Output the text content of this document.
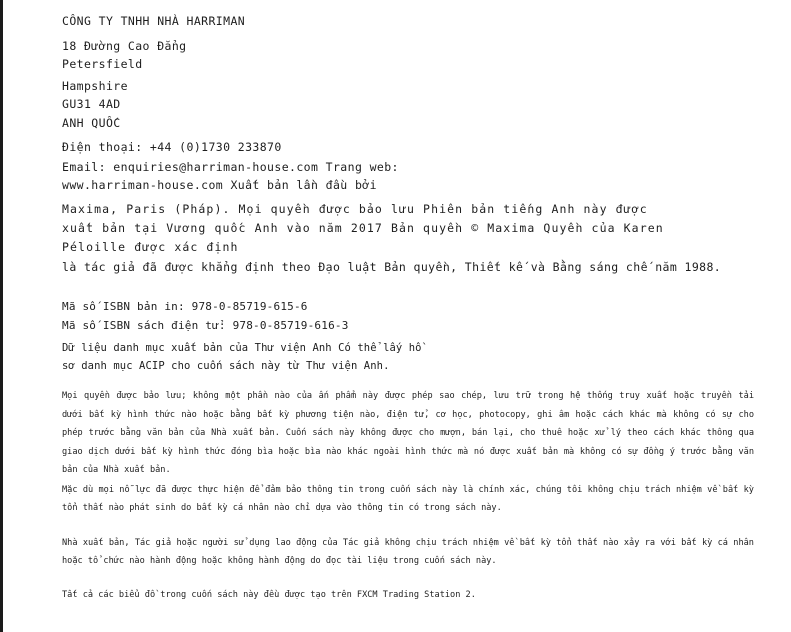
CÔNG TY TNHH NHÀ HARRIMAN
18 Đường Cao Đẳng
Petersfield
Hampshire
GU31 4AD
ANH QUỐC
Điện thoại: +44 (0)1730 233870
Email: enquiries@harriman-house.com Trang web:
www.harriman-house.com Xuất bản lần đầu bởi
Maxima, Paris (Pháp). Mọi quyền được bảo lưu Phiên bản tiếng Anh này được
xuất bản tại Vương quốc Anh vào năm 2017 Bản quyền © Maxima Quyền của Karen
Péloille được xác định
là tác giả đã được khẳng định theo Đạo luật Bản quyền, Thiết kế và Bằng sáng chế năm 1988.
Mã số ISBN bản in: 978-0-85719-615-6
Mã số ISBN sách điện tử: 978-0-85719-616-3
Dữ liệu danh mục xuất bản của Thư viện Anh Có thể lấy hồ
sơ danh mục ACIP cho cuốn sách này từ Thư viện Anh.
Mọi quyền được bảo lưu; không một phần nào của ấn phẩm này được phép sao chép, lưu trữ trong hệ thống truy xuất hoặc truyền tải
dưới bất kỳ hình thức nào hoặc bằng bất kỳ phương tiện nào, điện tử, cơ học, photocopy, ghi âm hoặc cách khác mà không có sự cho
phép trước bằng văn bản của Nhà xuất bản. Cuốn sách này không được cho mượn, bán lại, cho thuê hoặc xử lý theo cách khác thông qua
giao dịch dưới bất kỳ hình thức đóng bìa hoặc bìa nào khác ngoài hình thức mà nó được xuất bản mà không có sự đồng ý trước bằng văn
bản của Nhà xuất bản.
Mặc dù mọi nỗ lực đã được thực hiện để đảm bảo thông tin trong cuốn sách này là chính xác, chúng tôi không chịu trách nhiệm về bất kỳ
tổn thất nào phát sinh do bất kỳ cá nhân nào chỉ dựa vào thông tin có trong sách này.
Nhà xuất bản, Tác giả hoặc người sử dụng lao động của Tác giả không chịu trách nhiệm về bất kỳ tổn thất nào xảy ra với bất kỳ cá nhân
hoặc tổ chức nào hành động hoặc không hành động do đọc tài liệu trong cuốn sách này.
Tất cả các biểu đồ trong cuốn sách này đều được tạo trên FXCM Trading Station 2.
